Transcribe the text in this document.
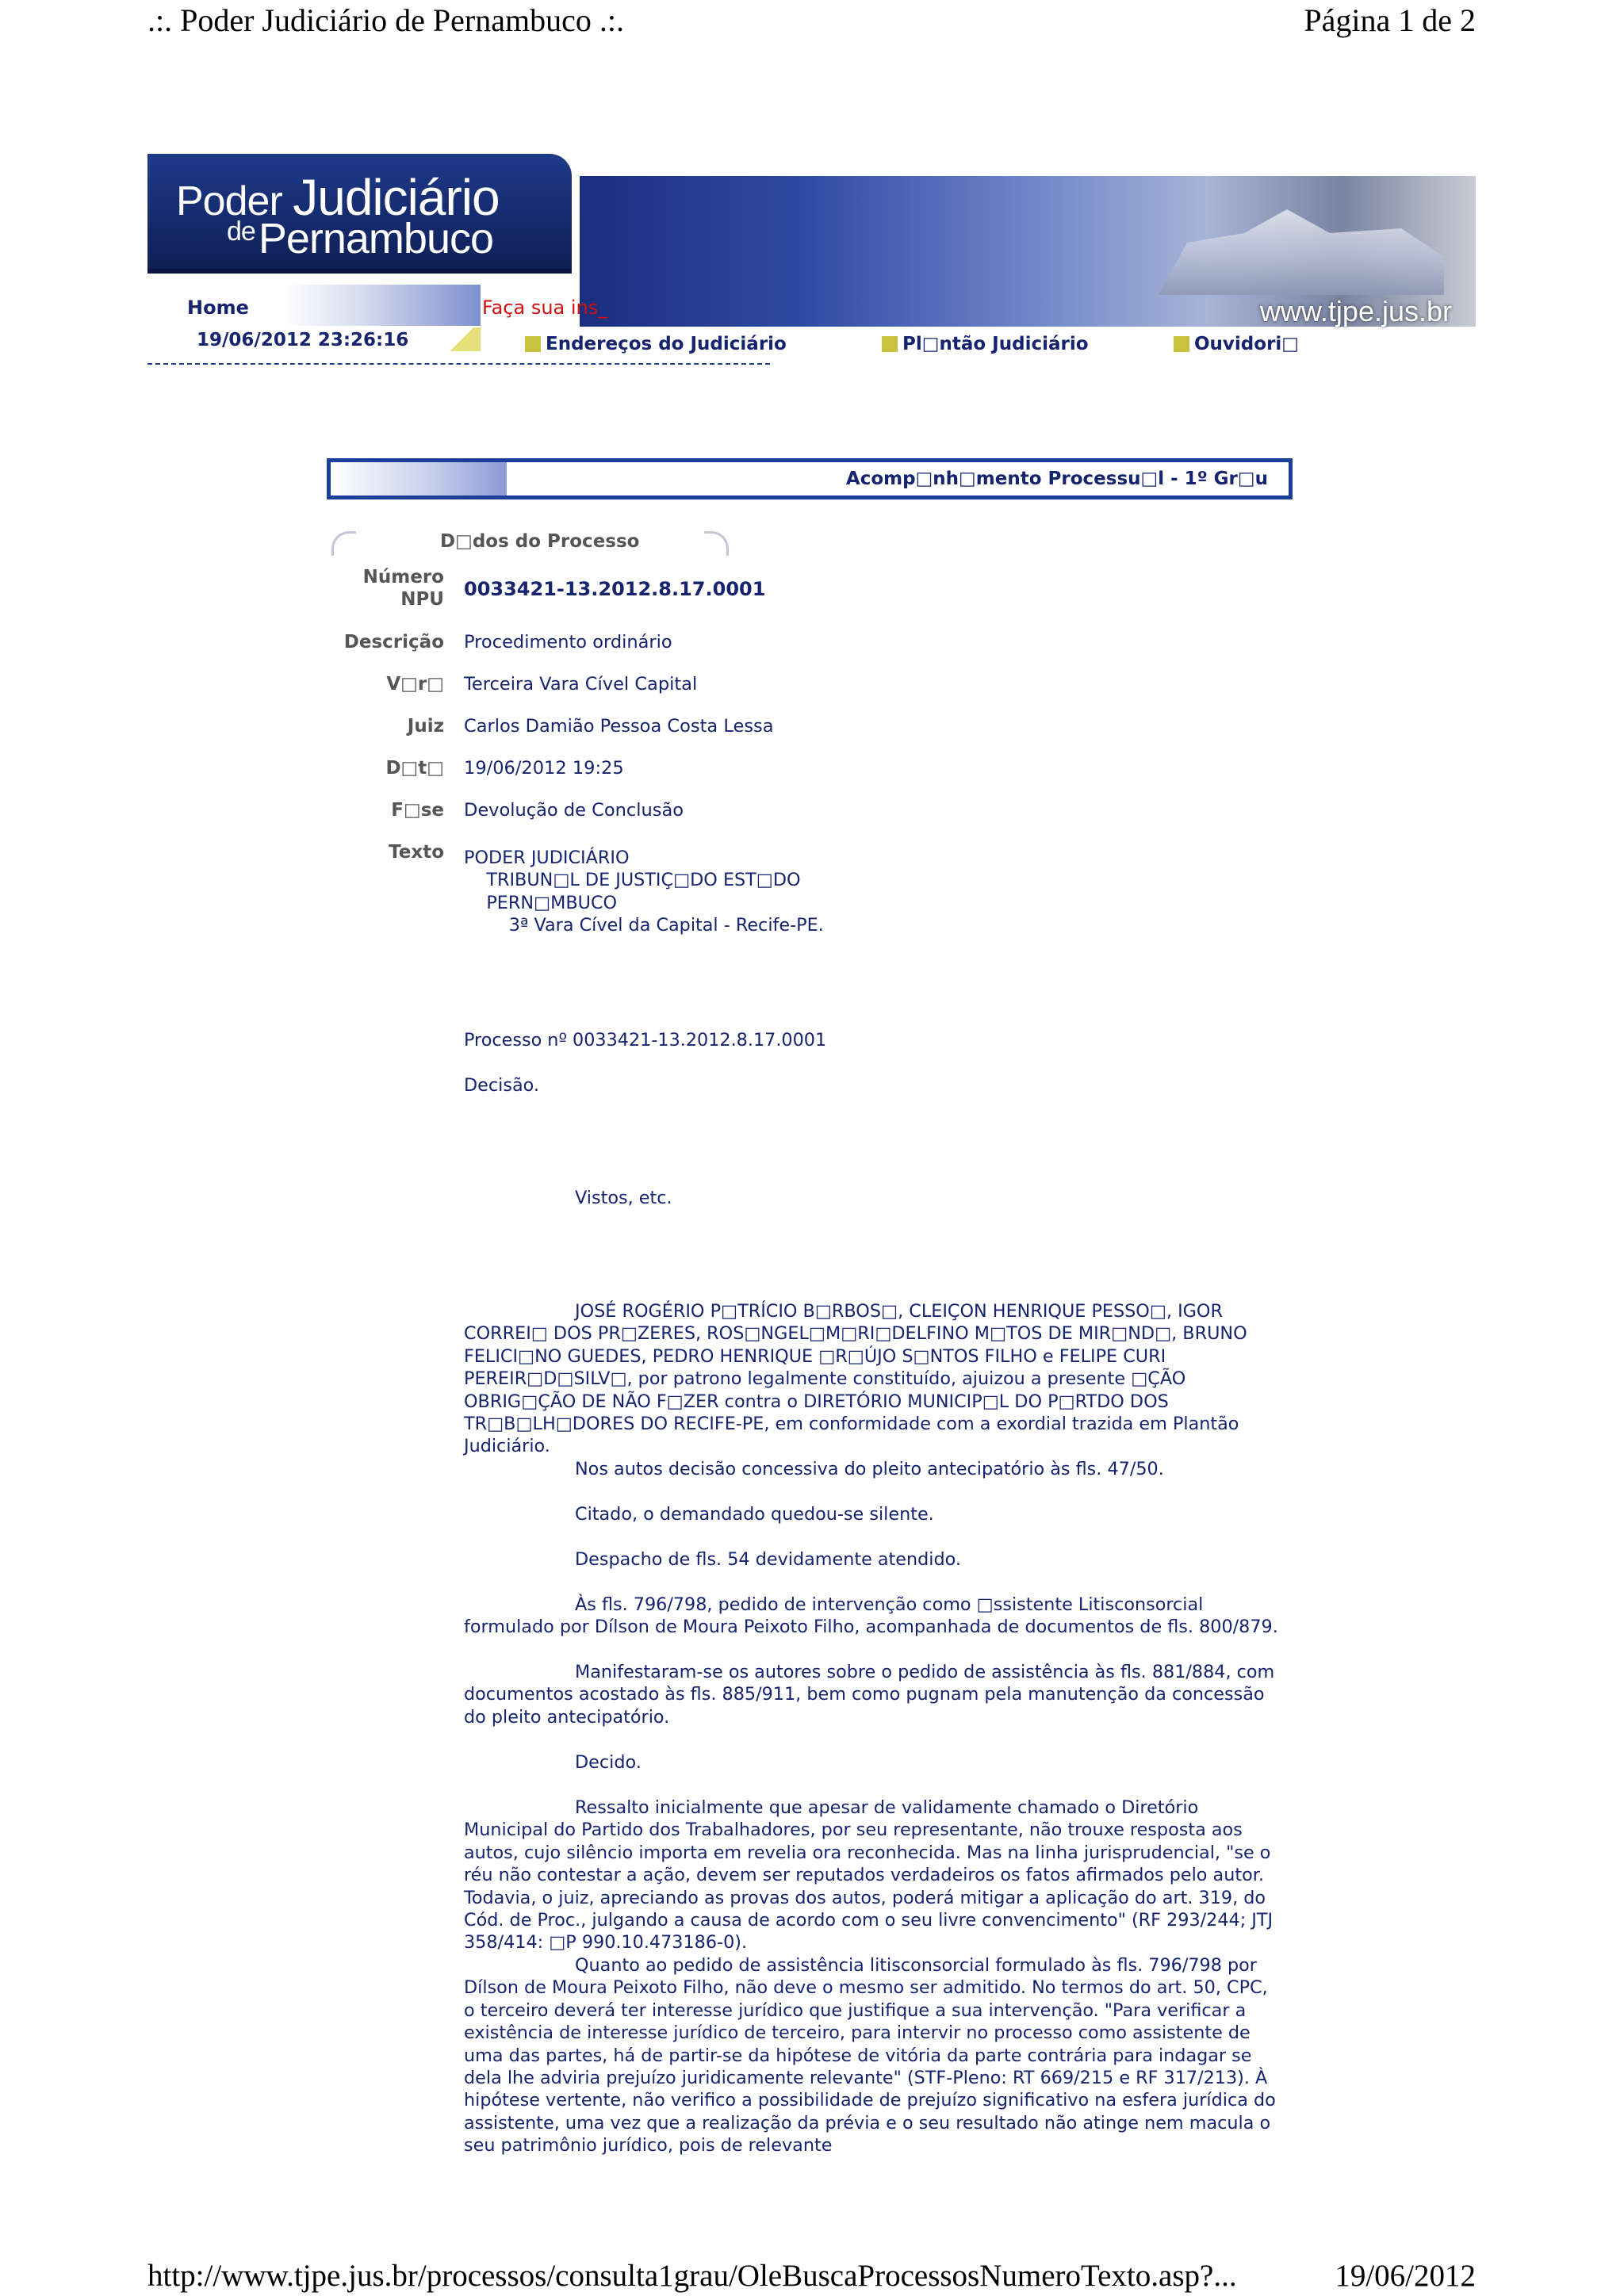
.:. Poder Judiciário de Pernambuco .:.	Página 1 de 2
Poder Judiciário
$^{de}$Pernambuco
www.tjpe.jus.br
Home	Faça sua ins_
19/06/2012 23:26:16	Endereços do Judiciário	Pl□ntão Judiciário	Ouvidori□
Acomp□nh□mento Processu□l - 1º Gr□u
D□dos do Processo
Número
NPU 0033421-13.2012.8.17.0001
Descrição Procedimento ordinário
V□r□ Terceira Vara Cível Capital
Juiz Carlos Damião Pessoa Costa Lessa
D□t□ 19/06/2012 19:25
F□se Devolução de Conclusão
Texto PODER JUDICIÁRIO
TRIBUN□L DE JUSTIÇ□DO EST□DO
PERN□MBUCO
3ª Vara Cível da Capital - Recife-PE.

Processo nº 0033421-13.2012.8.17.0001

Decisão.

Vistos, etc.

JOSÉ ROGÉRIO P□TRÍCIO B□RBOS□, CLEIÇON HENRIQUE PESSO□, IGOR CORREI□ DOS PR□ZERES, ROS□NGEL□M□RI□DELFINO M□TOS DE MIR□ND□, BRUNO FELICI□NO GUEDES, PEDRO HENRIQUE □R□ÚJO S□NTOS FILHO e FELIPE CURI PEREIR□D□SILV□, por patrono legalmente constituído, ajuizou a presente □ÇÃO OBRIG□ÇÃO DE NÃO F□ZER contra o DIRETÓRIO MUNICIP□L DO P□RTDO DOS TR□B□LH□DORES DO RECIFE-PE, em conformidade com a exordial trazida em Plantão Judiciário.

Nos autos decisão concessiva do pleito antecipatório às fls. 47/50.

Citado, o demandado quedou-se silente.

Despacho de fls. 54 devidamente atendido.

Às fls. 796/798, pedido de intervenção como □ssistente Litisconsorcial formulado por Dílson de Moura Peixoto Filho, acompanhada de documentos de fls. 800/879.

Manifestaram-se os autores sobre o pedido de assistência às fls. 881/884, com documentos acostado às fls. 885/911, bem como pugnam pela manutenção da concessão do pleito antecipatório.

Decido.

Ressalto inicialmente que apesar de validamente chamado o Diretório Municipal do Partido dos Trabalhadores, por seu representante, não trouxe resposta aos autos, cujo silêncio importa em revelia ora reconhecida. Mas na linha jurisprudencial, "se o réu não contestar a ação, devem ser reputados verdadeiros os fatos afirmados pelo autor. Todavia, o juiz, apreciando as provas dos autos, poderá mitigar a aplicação do art. 319, do Cód. de Proc., julgando a causa de acordo com o seu livre convencimento" (RF 293/244; JTJ 358/414: □P 990.10.473186-0).

Quanto ao pedido de assistência litisconsorcial formulado às fls. 796/798 por Dílson de Moura Peixoto Filho, não deve o mesmo ser admitido. No termos do art. 50, CPC, o terceiro deverá ter interesse jurídico que justifique a sua intervenção. "Para verificar a existência de interesse jurídico de terceiro, para intervir no processo como assistente de uma das partes, há de partir-se da hipótese de vitória da parte contrária para indagar se dela lhe adviria prejuízo juridicamente relevante" (STF-Pleno: RT 669/215 e RF 317/213). À hipótese vertente, não verifico a possibilidade de prejuízo significativo na esfera jurídica do assistente, uma vez que a realização da prévia e o seu resultado não atinge nem macula o seu patrimônio jurídico, pois de relevante

http://www.tjpe.jus.br/processos/consulta1grau/OleBuscaProcessosNumeroTexto.asp?...	19/06/2012
